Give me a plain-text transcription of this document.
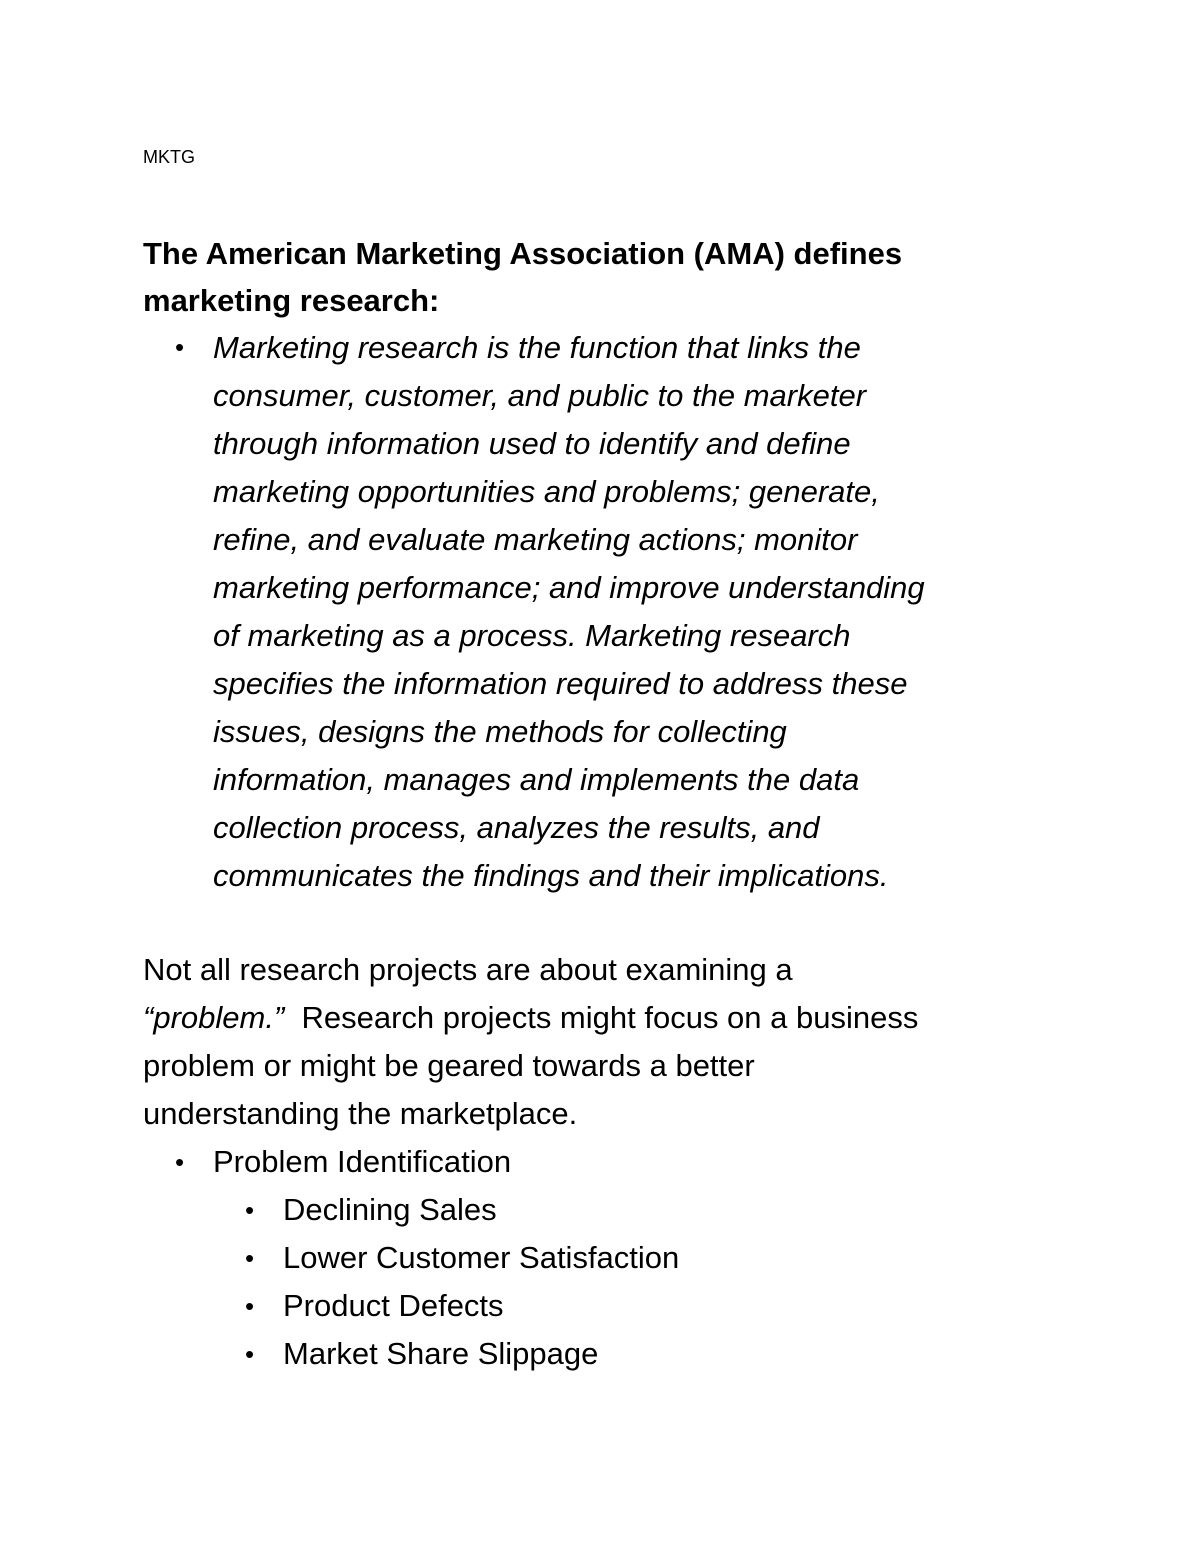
MKTG
The American Marketing Association (AMA) defines
marketing research:
• Marketing research is the function that links the
consumer, customer, and public to the marketer
through information used to identify and define
marketing opportunities and problems; generate,
refine, and evaluate marketing actions; monitor
marketing performance; and improve understanding
of marketing as a process. Marketing research
specifies the information required to address these
issues, designs the methods for collecting
information, manages and implements the data
collection process, analyzes the results, and
communicates the findings and their implications.
Not all research projects are about examining a
“problem.”  Research projects might focus on a business
problem or might be geared towards a better
understanding the marketplace.
• Problem Identification
• Declining Sales
• Lower Customer Satisfaction
• Product Defects
• Market Share Slippage
